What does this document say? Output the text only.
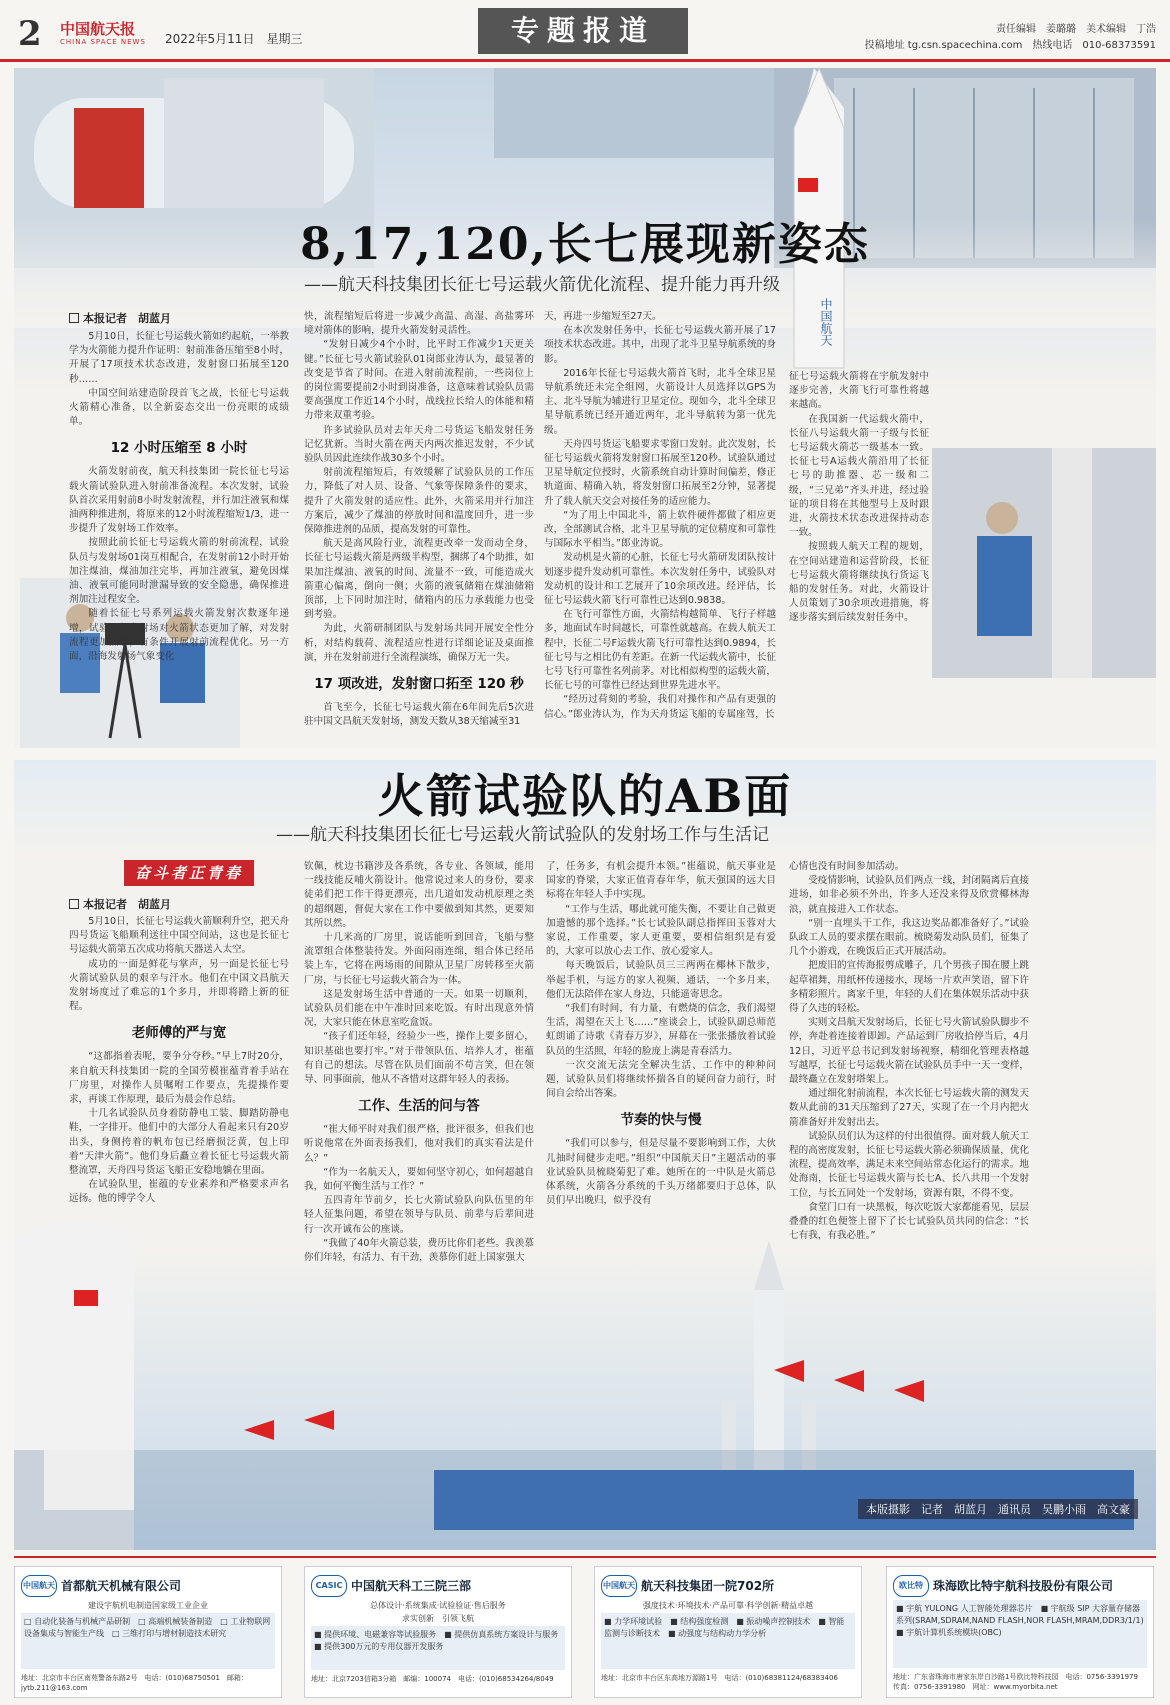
2 中国航天报
CHINA SPACE NEWS 2022年5月11日　 星期三	专题报道	责任编辑　姜璐璐　美术编辑　丁浩
投稿地址 tg.csn.spacechina.com　热线电话　010-68373591
中国航天
8,17,120,长七展现新姿态
——航天科技集团长征七号运载火箭优化流程、提升能力再升级
本报记者　胡蓝月

5月10日，长征七号运载火箭如约起航，一举教学为火箭能力提升作证明：射前准备压缩至8小时，开展了17项技术状态改进，发射窗口拓展至120秒……

中国空间站建造阶段首飞之战，长征七号运载火箭精心准备，以全新姿态交出一份亮眼的成绩单。

12 小时压缩至 8 小时

火箭发射前夜，航天科技集团一院长征七号运载火箭试验队进入射前准备流程。本次发射，试验队首次采用射前8小时发射流程，并行加注液氧和煤油两种推进剂，将原来的12小时流程缩短1/3，进一步提升了发射场工作效率。

按照此前长征七号运载火箭的射前流程，试验队员与发射场01岗互相配合，在发射前12小时开始加注煤油，煤油加注完毕，再加注液氧，避免因煤油、液氧可能同时泄漏导致的安全隐患，确保推进剂加注过程安全。

随着长征七号系列运载火箭发射次数逐年递增，试验队与发射场对火箭状态更加了解，对发射流程更加熟悉，有条件开展射前流程优化。另一方面，沿海发射场气象变化

快，流程缩短后将进一步减少高温、高湿、高盐雾环境对箭体的影响，提升火箭发射灵活性。

“发射日减少4个小时，比平时工作减少1天更关键。”长征七号火箭试验队01岗郎业涛认为，最显著的改变是节省了时间。在进入射前流程前，一些岗位上的岗位需要提前2小时到岗准备，这意味着试验队员需要高强度工作近14个小时，战线拉长给人的体能和精力带来双重考验。

许多试验队员对去年天舟二号货运飞船发射任务记忆犹新。当时火箭在两天内两次推迟发射，不少试验队员因此连续作战30多个小时。

射前流程缩短后，有效缓解了试验队员的工作压力，降低了对人员、设备、气象等保障条件的要求，提升了火箭发射的适应性。此外，火箭采用并行加注方案后，减少了煤油的停放时间和温度回升，进一步保障推进剂的品质，提高发射的可靠性。

航天是高风险行业，流程更改牵一发而动全身，长征七号运载火箭是两级半构型，捆绑了4个助推，如果加注煤油、液氧的时间、流量不一致，可能造成火箭重心偏离，倒向一侧；火箭的液氧储箱在煤油储箱顶部，上下同时加注时，储箱内的压力承载能力也受到考验。

为此，火箭研制团队与发射场共同开展安全性分析，对结构载荷、流程适应性进行详细论证及桌面推演，并在发射前进行全流程演练，确保万无一失。

17 项改进，发射窗口拓至 120 秒

首飞至今，长征七号运载火箭在6年间先后5次进驻中国文昌航天发射场，测发天数从38天缩减至31

天，再进一步缩短至27天。

在本次发射任务中，长征七号运载火箭开展了17项技术状态改进。其中，出现了北斗卫星导航系统的身影。

2016年长征七号运载火箭首飞时，北斗全球卫星导航系统还未完全组网，火箭设计人员选择以GPS为主、北斗导航为辅进行卫星定位。现如今，北斗全球卫星导航系统已经开通近两年，北斗导航转为第一优先级。

天舟四号货运飞船要求零窗口发射。此次发射，长征七号运载火箭将发射窗口拓展至120秒。试验队通过卫星导航定位授时，火箭系统自动计算时间偏差，修正轨道面、精确入轨，将发射窗口拓展至2分钟，显著提升了载人航天交会对接任务的适应能力。

“为了用上中国北斗，箭上软件硬件都做了相应更改，全部测试合格，北斗卫星导航的定位精度和可靠性与国际水平相当。”郎业涛说。

发动机是火箭的心脏，长征七号火箭研发团队按计划逐步提升发动机可靠性。本次发射任务中，试验队对发动机的设计和工艺展开了10余项改进。经评估，长征七号运载火箭飞行可靠性已达到0.9838。

在飞行可靠性方面，火箭结构越简单、飞行子样越多，地面试车时间越长，可靠性就越高。在载人航天工程中，长征二号F运载火箭飞行可靠性达到0.9894，长征七号与之相比仍有差距。在新一代运载火箭中，长征七号飞行可靠性名列前茅。对比相似构型的运载火箭，长征七号的可靠性已经达到世界先进水平。

“经历过荷刻的考验，我们对操作和产品有更强的信心。”郎业涛认为，作为天舟货运飞船的专属座驾，长

征七号运载火箭将在宇航发射中逐步完善，火箭飞行可靠性将越来越高。

在我国新一代运载火箭中，长征八号运载火箭一子级与长征七号运载火箭芯一级基本一致。长征七号A运载火箭沿用了长征七号的助推器、芯一级和二级，“三兄弟”齐头并进，经过验证的项目将在其他型号上及时跟进，火箭技术状态改进保持动态一致。

按照载人航天工程的规划，在空间站建造和运营阶段，长征七号运载火箭将继续执行货运飞船的发射任务。对此，火箭设计人员策划了30余项改进措施，将逐步落实到后续发射任务中。

火箭试验队的AB面
——航天科技集团长征七号运载火箭试验队的发射场工作与生活记
奋斗者正青春
本报记者　胡蓝月

5月10日，长征七号运载火箭顺利升空，把天舟四号货运飞船顺利送往中国空间站，这也是长征七号运载火箭第五次成功将航天器送入太空。

成功的一面是鲜花与掌声，另一面是长征七号火箭试验队员的艰辛与汗水。他们在中国文昌航天发射场度过了难忘的1个多月，并即将踏上新的征程。

老师傅的严与宽

“这都指着表呢，要争分夺秒。”早上7时20分，来自航天科技集团一院的全国劳模崔蕴背着手站在厂房里，对操作人员嘱咐工作要点，先提操作要求，再谈工作原理，最后为晨会作总结。

十几名试验队员身着防静电工装、脚踏防静电鞋，一字排开。他们中的大部分人看起来只有20岁出头，身侧挎着的帆布包已经磨损泛黄，包上印着“天津火箭”。他们身后矗立着长征七号运载火箭整流罩，天舟四号货运飞船正安稳地躺在里面。

在试验队里，崔蕴的专业素养和严格要求声名远扬。他的博学令人

钦佩，枕边书籍涉及各系统，各专业、各领域，能用一线技能反哺火箭设计。他常说过来人的身份，要求徒弟们把工作干得更漂亮，出几道如发动机原理之类的超纲题，督促大家在工作中要做到知其然，更要知其所以然。

十几米高的厂房里，说话能听到回音，飞船与整流罩组合体整装待发。外面闷雨连绵，组合体已经吊装上车，它将在两场雨的间隙从卫星厂房转移至火箭厂房，与长征七号运载火箭合为一体。

这是发射场生活中普通的一天。如果一切顺利，试验队员们能在中午准时回来吃饭。有时出现意外情况，大家只能在休息室吃盒饭。

“孩子们还年轻，经验少一些，操作上要多留心，知识基础也要打牢。”对于带领队伍、培养人才，崔蕴有自己的想法。尽管在队员们面前不苟言笑，但在领导、同事面前，他从不吝惜对这群年轻人的表扬。

工作、生活的问与答

“崔大师平时对我们很严格，批评很多，但我们也听说他常在外面表扬我们，他对我们的真实看法是什么？”

“作为一名航天人，要如何坚守初心，如何超越自我，如何平衡生活与工作？”

五四青年节前夕，长七火箭试验队向队伍里的年轻人征集问题，希望在领导与队员、前辈与后辈间进行一次开诚布公的座谈。

“我做了40年火箭总装，费历比你们老些。我羡慕你们年轻，有活力、有干劲，羡慕你们赶上国家强大

了，任务多，有机会提升本领。”崔蕴说，航天事业是国家的脊梁，大家正值青春年华，航天强国的远大目标将在年轻人手中实现。

“工作与生活，哪此就可能失衡，不要让自己做更加遗憾的那个选择。”长七试验队副总指挥田玉蓉对大家说，工作重要，家人更重要，要相信组织是有爱的，大家可以放心去工作、放心爱家人。

每天晚饭后，试验队员三三两两在椰林下散步，举起手机，与远方的家人视频、通话，一个多月来，他们无法陪伴在家人身边，只能遥寄思念。

“我们有时间，有力量，有燃烧的信念，我们渴望生活，渴望在天上飞……”座谈会上，试验队副总师范虹朗诵了诗歌《青春万岁》，屏幕在一张张播放着试验队员的生活照，年轻的脸庞上满是青春活力。

一次交流无法完全解决生活、工作中的种种问题，试验队员们将继续怀揣各自的疑问奋力前行，时间自会给出答案。

节奏的快与慢

“我们可以参与，但是尽量不要影响到工作，大伙儿抽时间健步走吧。”组织“中国航天日”主题活动的事业试验队员梳晓菊犯了难。她所在的一中队是火箭总体系统，火箭各分系统的千头万绪都要归于总体，队员们早出晚归，似乎没有

心情也没有时间参加活动。

受疫情影响，试验队员们两点一线，封闭隔离后直接进场，如非必须不外出，许多人还没来得及欣赏椰林海浪，就直接进入工作状态。

“别一直埋头干工作，我这边奖品都准备好了。”试验队政工人员的要求摆在眼前。梳晓菊发动队员们，征集了几个小游戏，在晚饭后正式开展活动。

把废旧的宣传海报剪成雕子，几个男孩子围在腰上跳起草裙舞，用纸杯传递接水，现场一片欢声笑语，留下许多精彩照片。离家千里，年轻的人们在集体娱乐活动中获得了久违的轻松。

实则文昌航天发射场后，长征七号火箭试验队脚步不停，奔赴着连接着即卸。产品运到厂房收拾停当后，4月12日，习近平总书记到发射场视察，精细化管理表格越写越厚，长征七号运载火箭在试验队员手中一天一变样，最终矗立在发射塔架上。

通过细化射前流程，本次长征七号运载火箭的测发天数从此前的31天压缩到了27天，实现了在一个月内把火箭准备好并发射出去。

试验队员们认为这样的付出很值得。面对载人航天工程的高密度发射，长征七号运载火箭必须确保质量，优化流程，提高效率，满足未来空间站常态化运行的需求。地处海南，长征七号运载火箭与长七A、长八共用一个发射工位，与长五同处一个发射场，资源有限，不得不变。

食堂门口有一块黑板，每次吃饭大家都能看见，层层叠叠的红色便签上留下了长七试验队员共同的信念：“长七有我，有我必胜。”

本版摄影　记者　胡蓝月　通讯员　吴鹏小雨　高文豪
中国航天 首都航天机械有限公司
建设宇航机电制造国家级工业企业
□ 自动化装备与机械产品研制　□ 高端机械装备制造　□ 工业物联网设备集成与智能生产线　□ 三维打印与增材制造技术研究
地址：北京市丰台区南苑警备东路2号　电话：(010)68750501　邮箱：jytb.211@163.com
CASIC 中国航天科工三院三部
总体设计·系统集成·试验验证·售后服务
求实创新　引领飞航
■ 提供环境、电磁兼容等试验服务　■ 提供仿真系统方案设计与服务　■ 提供300万元的专用仪器开发服务
地址：北京7203信箱3分箱　邮编：100074　电话：(010)68534264/8049
中国航天 航天科技集团一院702所
强度技术·环境技术·产品可靠·科学创新·精益卓越
■ 力学环境试验　■ 结构强度检测　■ 振动噪声控制技术　■ 智能监测与诊断技术　■ 动强度与结构动力学分析
地址：北京市丰台区东高地万源路1号　电话：(010)68381124/68383406
欧比特 珠海欧比特宇航科技股份有限公司
■ 宇航 YULONG 人工智能处理器芯片　■ 宇航级 SIP 大容量存储器系列(SRAM,SDRAM,NAND FLASH,NOR FLASH,MRAM,DDR3/1/1)　■ 宇航计算机系统模块(OBC)
地址：广东省珠海市唐家东岸白沙路1号欧比特科技园　电话：0756-3391979　传真：0756-3391980　网址：www.myorbita.net
